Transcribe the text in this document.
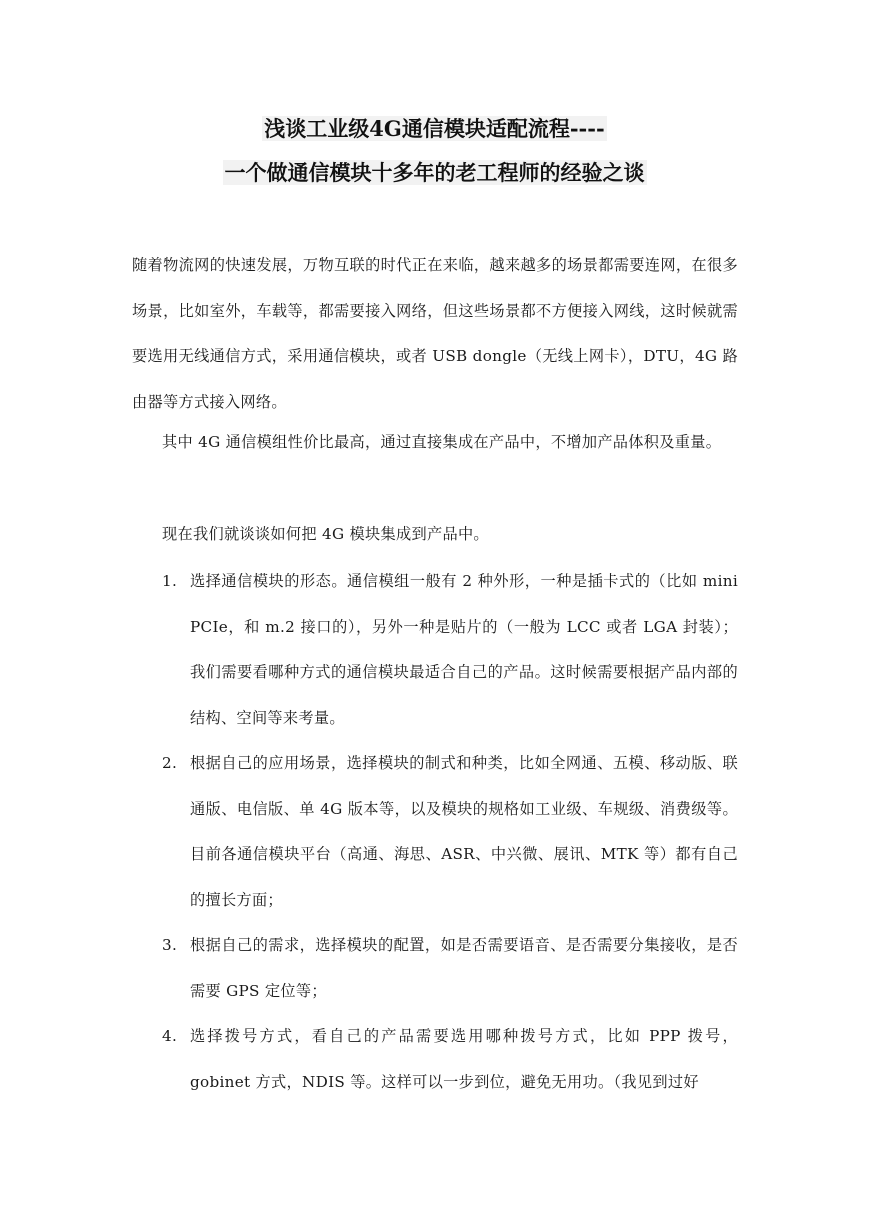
浅谈工业级4G通信模块适配流程----
一个做通信模块十多年的老工程师的经验之谈

随着物流网的快速发展，万物互联的时代正在来临，越来越多的场景都需要连网，在很多场景，比如室外，车载等，都需要接入网络，但这些场景都不方便接入网线，这时候就需要选用无线通信方式，采用通信模块，或者 USB dongle（无线上网卡），DTU，4G 路由器等方式接入网络。

其中 4G 通信模组性价比最高，通过直接集成在产品中，不增加产品体积及重量。

现在我们就谈谈如何把 4G 模块集成到产品中。

1. 选择通信模块的形态。通信模组一般有 2 种外形，一种是插卡式的（比如 mini PCIe，和 m.2 接口的），另外一种是贴片的（一般为 LCC 或者 LGA 封装）；我们需要看哪种方式的通信模块最适合自己的产品。这时候需要根据产品内部的结构、空间等来考量。
2. 根据自己的应用场景，选择模块的制式和种类，比如全网通、五模、移动版、联通版、电信版、单 4G 版本等，以及模块的规格如工业级、车规级、消费级等。目前各通信模块平台（高通、海思、ASR、中兴微、展讯、MTK 等）都有自己的擅长方面；
3. 根据自己的需求，选择模块的配置，如是否需要语音、是否需要分集接收，是否需要 GPS 定位等；
4. 选择拨号方式，看自己的产品需要选用哪种拨号方式，比如 PPP 拨号，gobinet 方式，NDIS 等。这样可以一步到位，避免无用功。（我见到过好
